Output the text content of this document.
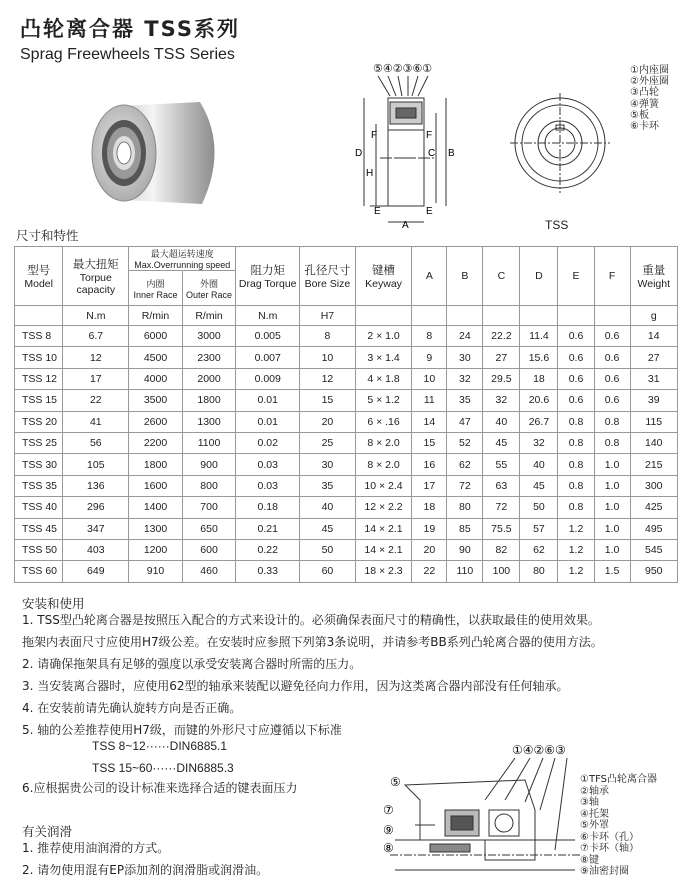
凸轮离合器 TSS系列
Sprag Freewheels TSS Series
⑤④②③⑥①
F	F
D	C B
H
E	E
A	TSS
①内座圈
②外座圈
③凸轮
④弹簧
⑤板
⑥卡环
尺寸和特性
型号
Model	最大扭矩
Torpue
capacity	最大超运转速度
Max.Overrunning speed		阻力矩
Drag Torque	孔径尺寸
Bore Size	键槽
Keyway	A	B	C	D	E	F	重量
Weight

		内圈
Inner Race	外圈
Outer Race										

	N.m	R/min	R/min	N.m	H7								g
TSS 8	6.7	6000	3000	0.005	8	2 × 1.0	8	24	22.2	11.4	0.6	0.6	14
TSS 10	12	4500	2300	0.007	10	3 × 1.4	9	30	27	15.6	0.6	0.6	27
TSS 12	17	4000	2000	0.009	12	4 × 1.8	10	32	29.5	18	0.6	0.6	31
TSS 15	22	3500	1800	0.01	15	5 × 1.2	11	35	32	20.6	0.6	0.6	39
TSS 20	41	2600	1300	0.01	20	6 × .16	14	47	40	26.7	0.8	0.8	115
TSS 25	56	2200	1100	0.02	25	8 × 2.0	15	52	45	32	0.8	0.8	140
TSS 30	105	1800	900	0.03	30	8 × 2.0	16	62	55	40	0.8	1.0	215
TSS 35	136	1600	800	0.03	35	10 × 2.4	17	72	63	45	0.8	1.0	300
TSS 40	296	1400	700	0.18	40	12 × 2.2	18	80	72	50	0.8	1.0	425
TSS 45	347	1300	650	0.21	45	14 × 2.1	19	85	75.5	57	1.2	1.0	495
TSS 50	403	1200	600	0.22	50	14 × 2.1	20	90	82	62	1.2	1.0	545
TSS 60	649	910	460	0.33	60	18 × 2.3	22	110	100	80	1.2	1.5	950
安装和使用
1. TSS型凸轮离合器是按照压入配合的方式来设计的。必须确保表面尺寸的精确性，以获取最佳的使用效果。
拖架内表面尺寸应使用H7级公差。在安装时应参照下列第3条说明，并请参考BB系列凸轮离合器的使用方法。
2. 请确保拖架具有足够的强度以承受安装离合器时所需的压力。
3. 当安装离合器时，应使用62型的轴承来装配以避免径向力作用，因为这类离合器内部没有任何轴承。
4. 在安装前请先确认旋转方向是否正确。
5. 轴的公差推荐使用H7级，而键的外形尺寸应遵循以下标准
TSS 8~12······DIN6885.1
TSS 15~60······DIN6885.3
6.应根据贵公司的设计标准来选择合适的键表面压力
有关润滑
1. 推荐使用油润滑的方式。
2. 请勿使用混有EP添加剂的润滑脂或润滑油。
①④②⑥③
⑤
⑦
⑨
⑧
①TFS凸轮离合器
②轴承
③轴
④托架
⑤外罩
⑥卡环（孔）
⑦卡环（轴）
⑧键
⑨油密封圈
